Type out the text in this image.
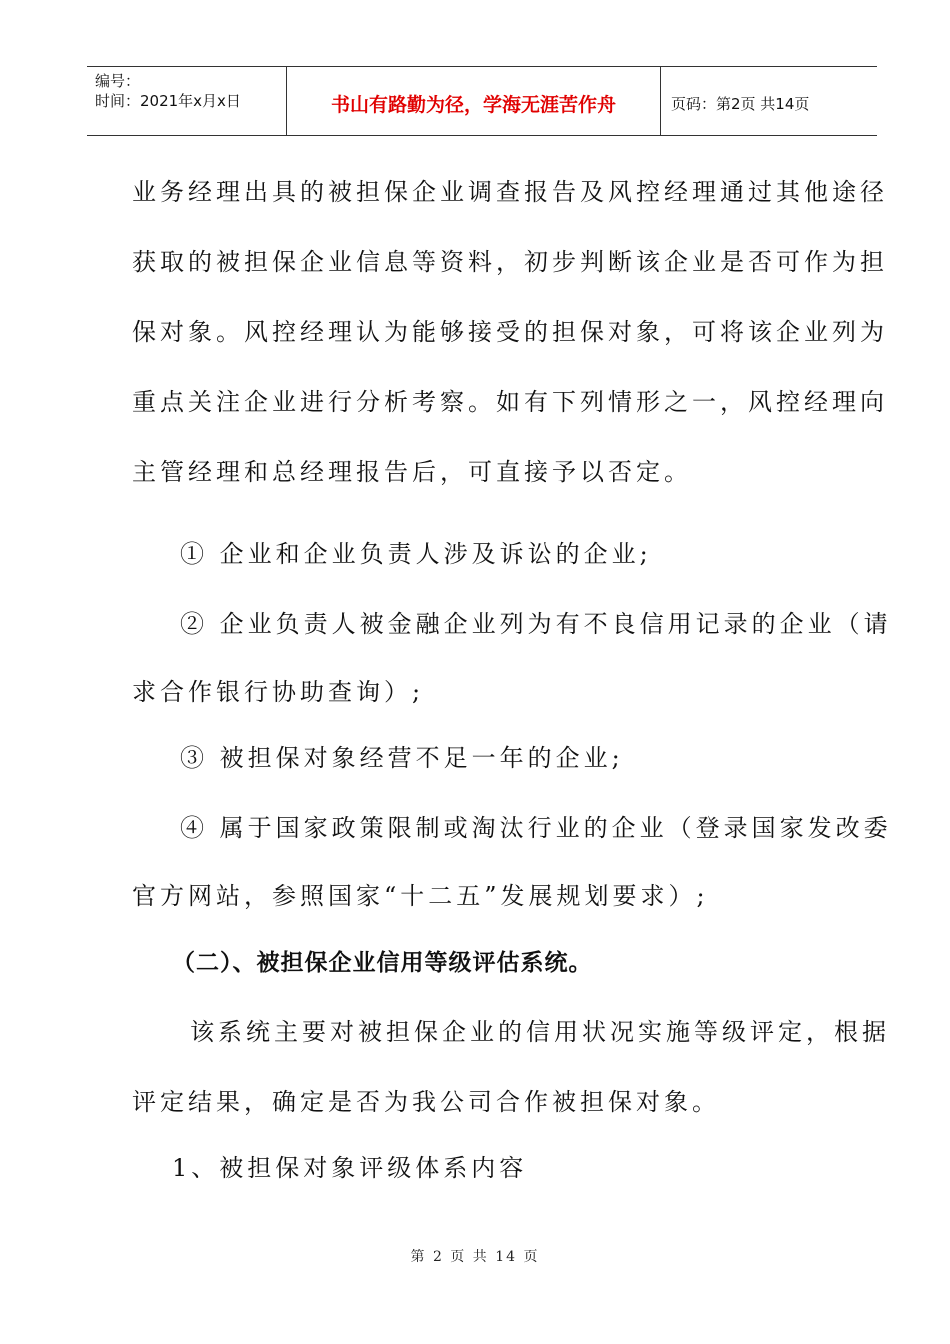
编号：
时间：2021年x月x日	书山有路勤为径，学海无涯苦作舟	页码：第2页 共14页
业务经理出具的被担保企业调查报告及风控经理通过其他途径
获取的被担保企业信息等资料，初步判断该企业是否可作为担
保对象。风控经理认为能够接受的担保对象，可将该企业列为
重点关注企业进行分析考察。如有下列情形之一，风控经理向
主管经理和总经理报告后，可直接予以否定。
① 企业和企业负责人涉及诉讼的企业;
② 企业负责人被金融企业列为有不良信用记录的企业（请
求合作银行协助查询）;
③ 被担保对象经营不足一年的企业;
④ 属于国家政策限制或淘汰行业的企业（登录国家发改委
官方网站，参照国家“十二五”发展规划要求）;
（二）、被担保企业信用等级评估系统。
该系统主要对被担保企业的信用状况实施等级评定，根据
评定结果，确定是否为我公司合作被担保对象。
1、被担保对象评级体系内容
第 2 页 共 14 页
